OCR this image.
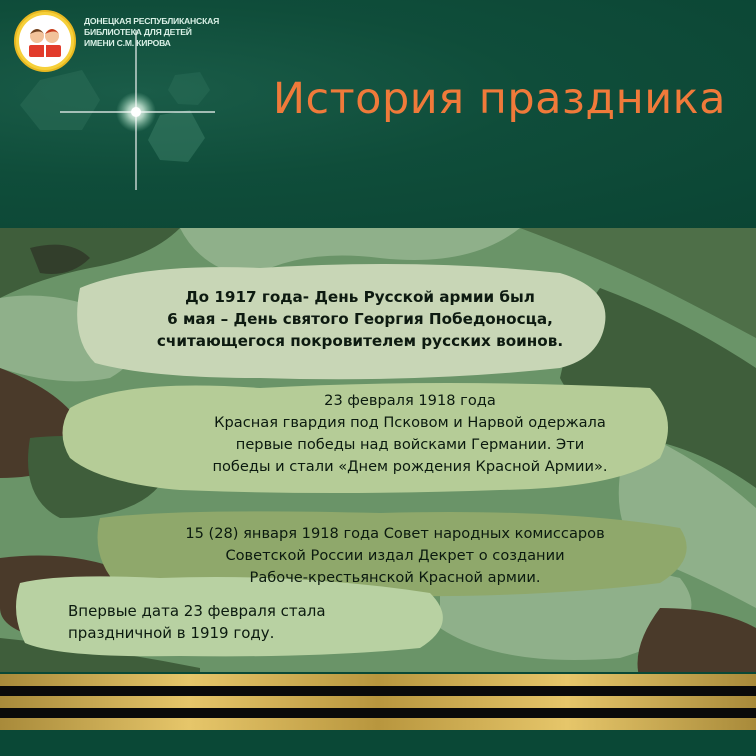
ДОНЕЦКАЯ РЕСПУБЛИКАНСКАЯ
БИБЛИОТЕКА ДЛЯ ДЕТЕЙ
ИМЕНИ С.М. КИРОВА
История праздника
До 1917 года- День Русской армии был
6 мая – День святого Георгия Победоносца,
считающегося покровителем русских воинов.
23 февраля 1918 года
Красная гвардия под Псковом и Нарвой одержала
первые победы над войсками Германии. Эти
победы и стали «Днем рождения Красной Армии».
15 (28) января 1918 года Совет народных комиссаров
Советской России издал Декрет о создании
Рабоче-крестьянской Красной армии.
Впервые дата 23 февраля стала
праздничной в 1919 году.
